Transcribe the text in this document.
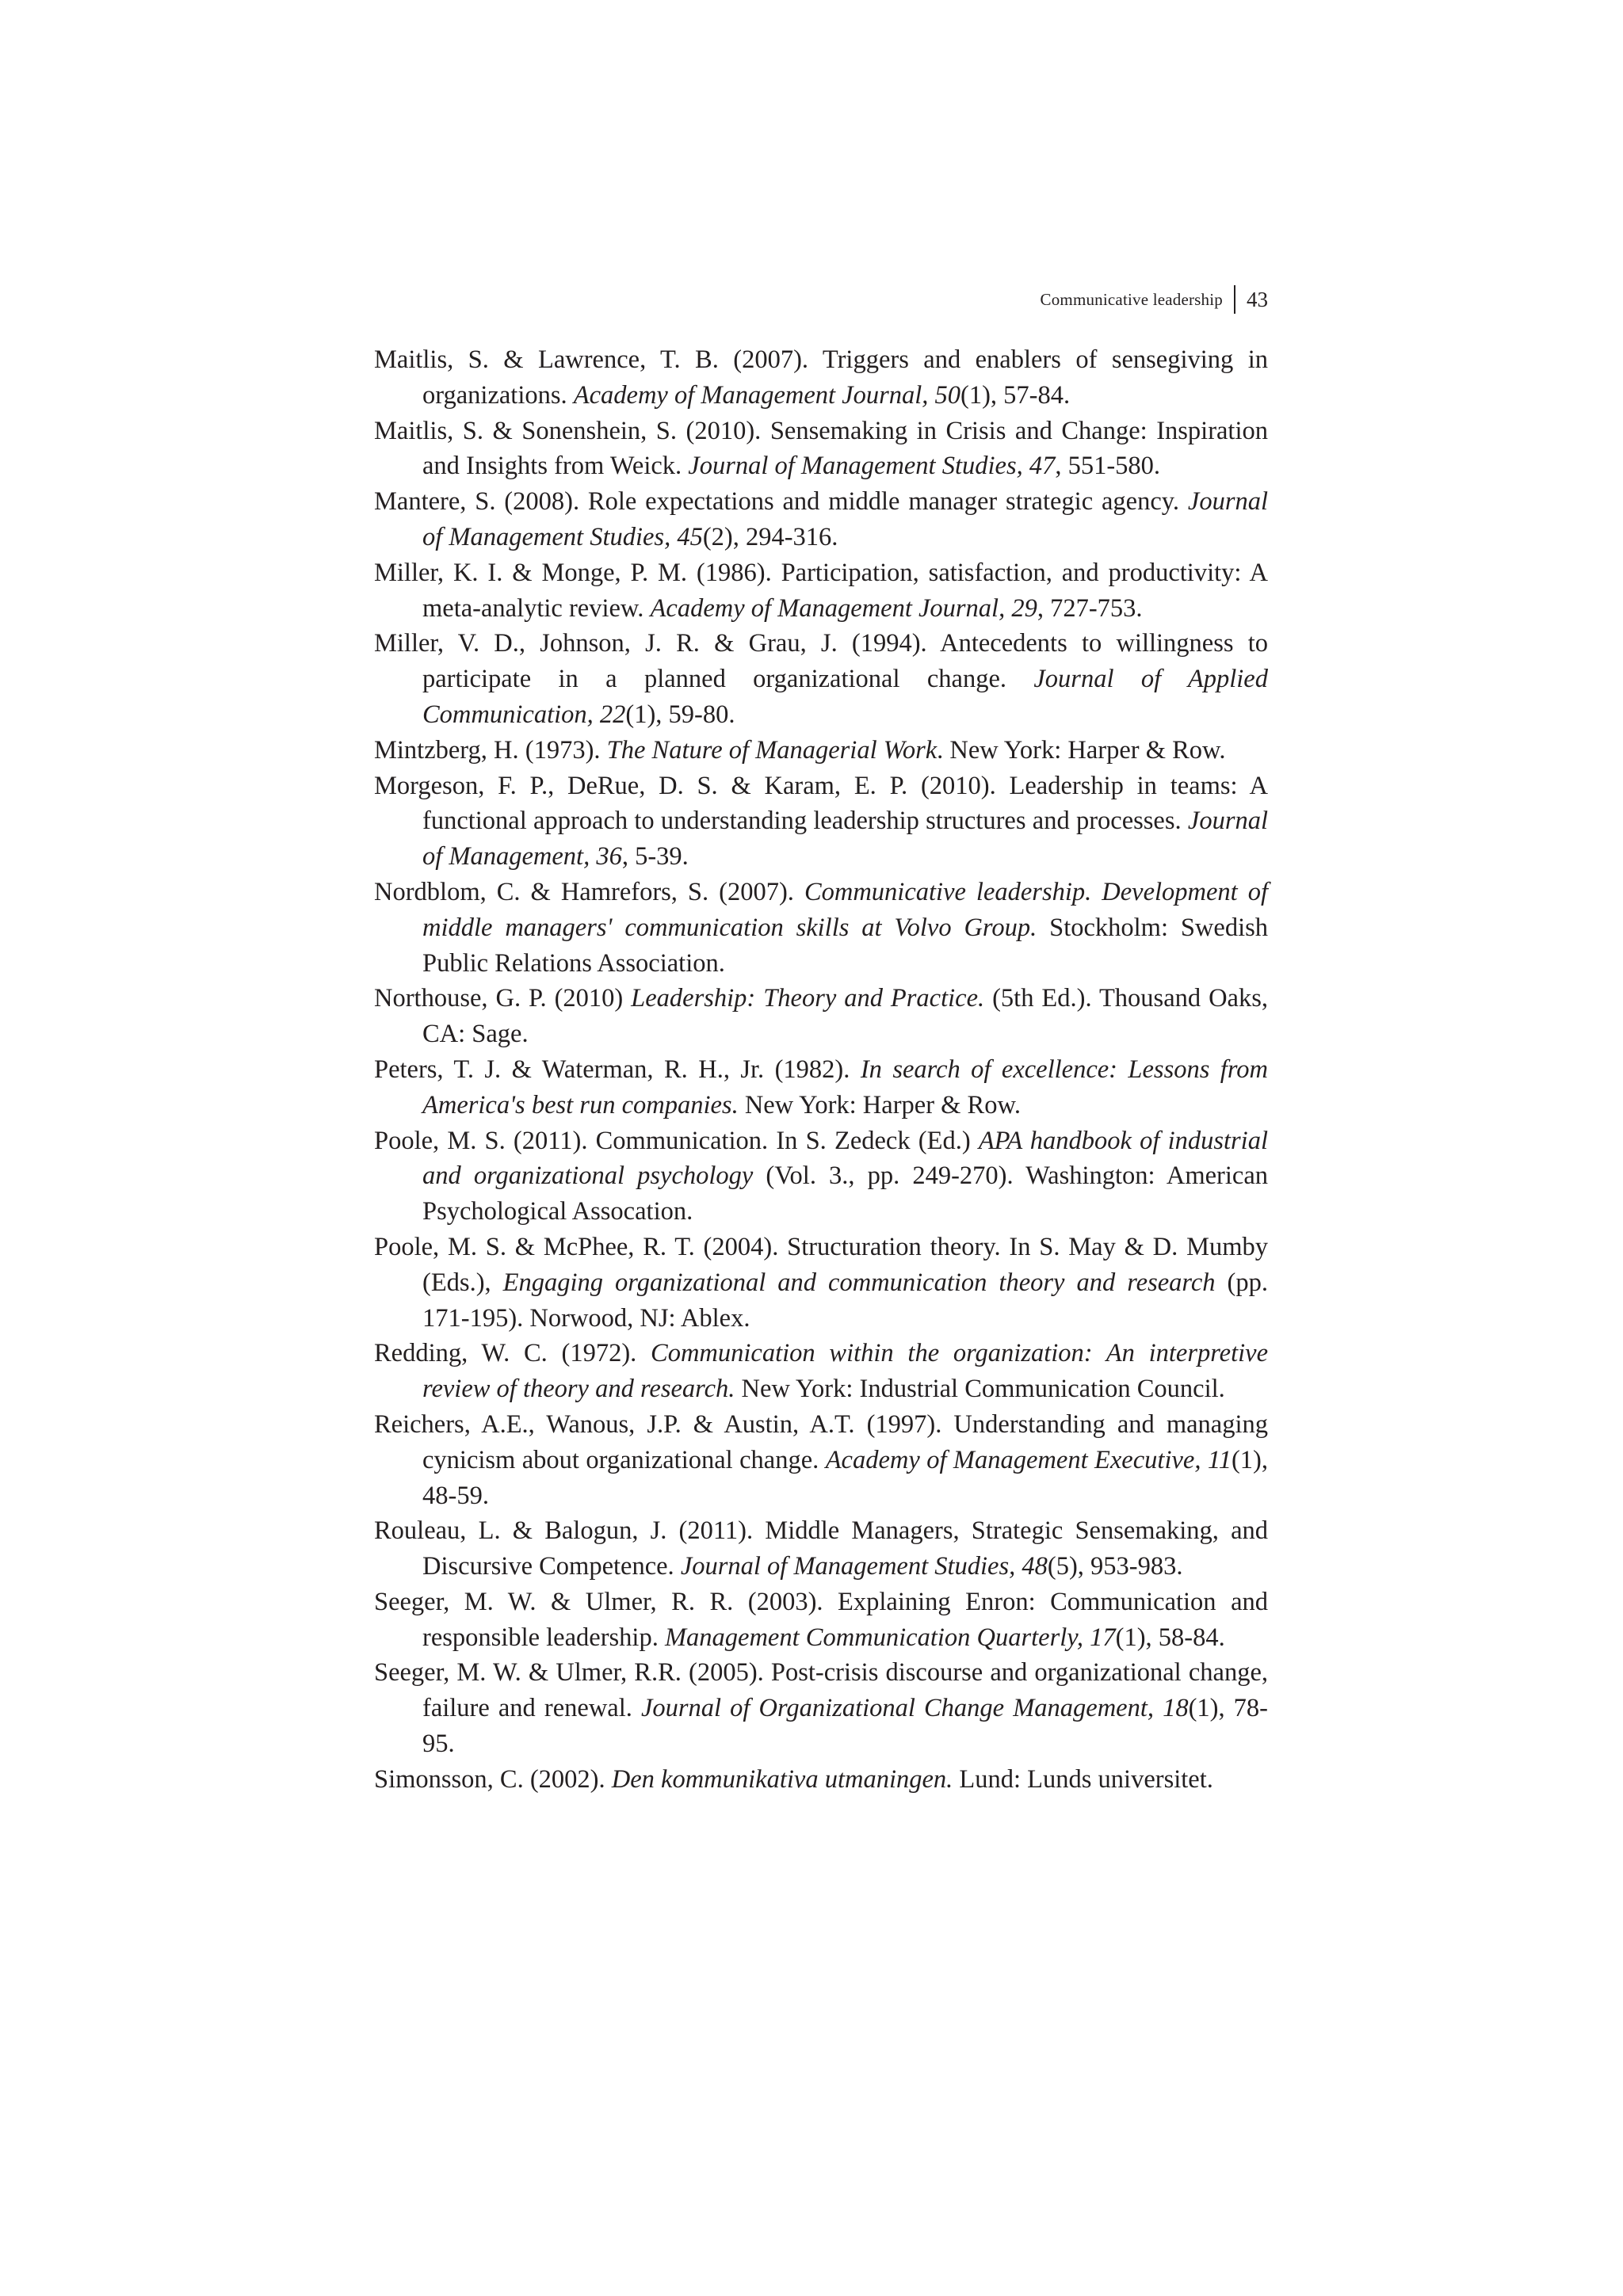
Communicative leadership	43
Maitlis, S. & Lawrence, T. B. (2007). Triggers and enablers of sensegiving in organizations. Academy of Management Journal, 50(1), 57-84.
Maitlis, S. & Sonenshein, S. (2010). Sensemaking in Crisis and Change: Inspiration and Insights from Weick. Journal of Management Studies, 47, 551-580.
Mantere, S. (2008). Role expectations and middle manager strategic agency. Journal of Management Studies, 45(2), 294-316.
Miller, K. I. & Monge, P. M. (1986). Participation, satisfaction, and productivity: A meta-analytic review. Academy of Management Journal, 29, 727-753.
Miller, V. D., Johnson, J. R. & Grau, J. (1994). Antecedents to willingness to participate in a planned organizational change. Journal of Applied Communication, 22(1), 59-80.
Mintzberg, H. (1973). The Nature of Managerial Work. New York: Harper & Row.
Morgeson, F. P., DeRue, D. S. & Karam, E. P. (2010). Leadership in teams: A functional approach to understanding leadership structures and processes. Journal of Management, 36, 5-39.
Nordblom, C. & Hamrefors, S. (2007). Communicative leadership. Development of middle managers' communication skills at Volvo Group. Stockholm: Swedish Public Relations Association.
Northouse, G. P. (2010) Leadership: Theory and Practice. (5th Ed.). Thousand Oaks, CA: Sage.
Peters, T. J. & Waterman, R. H., Jr. (1982). In search of excellence: Lessons from America's best run companies. New York: Harper & Row.
Poole, M. S. (2011). Communication. In S. Zedeck (Ed.) APA handbook of industrial and organizational psychology (Vol. 3., pp. 249-270). Washington: American Psychological Assocation.
Poole, M. S. & McPhee, R. T. (2004). Structuration theory. In S. May & D. Mumby (Eds.), Engaging organizational and communication theory and research (pp. 171-195). Norwood, NJ: Ablex.
Redding, W. C. (1972). Communication within the organization: An interpretive review of theory and research. New York: Industrial Communication Council.
Reichers, A.E., Wanous, J.P. & Austin, A.T. (1997). Understanding and managing cynicism about organizational change. Academy of Management Executive, 11(1), 48-59.
Rouleau, L. & Balogun, J. (2011). Middle Managers, Strategic Sensemaking, and Discursive Competence. Journal of Management Studies, 48(5), 953-983.
Seeger, M. W. & Ulmer, R. R. (2003). Explaining Enron: Communication and responsible leadership. Management Communication Quarterly, 17(1), 58-84.
Seeger, M. W. & Ulmer, R.R. (2005). Post-crisis discourse and organizational change, failure and renewal. Journal of Organizational Change Management, 18(1), 78-95.
Simonsson, C. (2002). Den kommunikativa utmaningen. Lund: Lunds universitet.
